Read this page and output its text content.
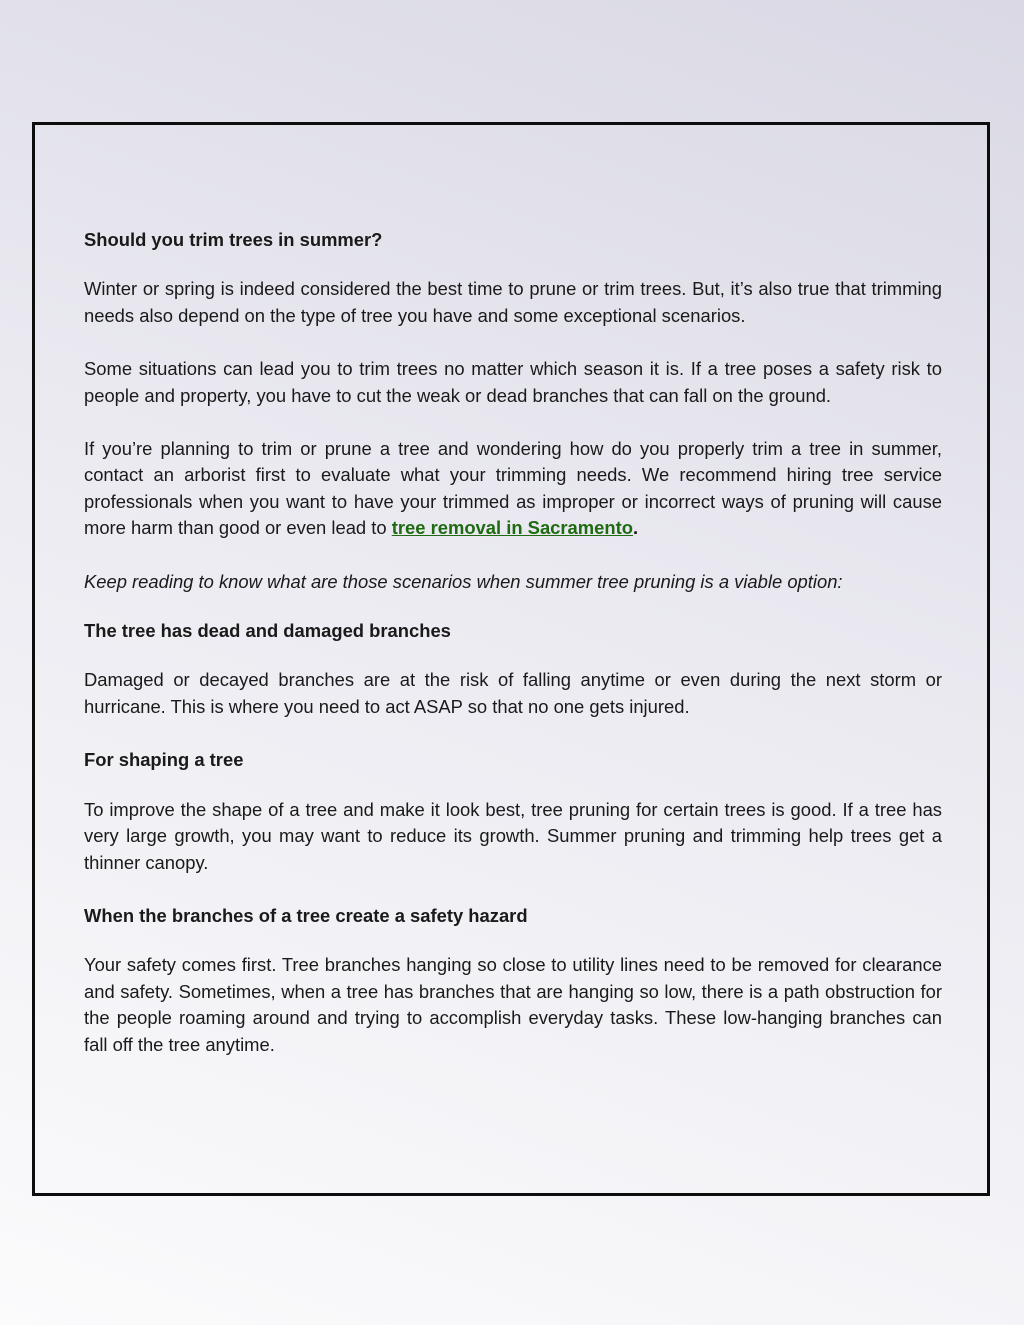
Should you trim trees in summer?

Winter or spring is indeed considered the best time to prune or trim trees. But, it’s also true that trimming needs also depend on the type of tree you have and some exceptional scenarios.

Some situations can lead you to trim trees no matter which season it is. If a tree poses a safety risk to people and property, you have to cut the weak or dead branches that can fall on the ground.

If you’re planning to trim or prune a tree and wondering how do you properly trim a tree in summer, contact an arborist first to evaluate what your trimming needs. We recommend hiring tree service professionals when you want to have your trimmed as improper or incorrect ways of pruning will cause more harm than good or even lead to tree removal in Sacramento.

Keep reading to know what are those scenarios when summer tree pruning is a viable option:

The tree has dead and damaged branches

Damaged or decayed branches are at the risk of falling anytime or even during the next storm or hurricane. This is where you need to act ASAP so that no one gets injured.

For shaping a tree

To improve the shape of a tree and make it look best, tree pruning for certain trees is good. If a tree has very large growth, you may want to reduce its growth. Summer pruning and trimming help trees get a thinner canopy.

When the branches of a tree create a safety hazard

Your safety comes first. Tree branches hanging so close to utility lines need to be removed for clearance and safety. Sometimes, when a tree has branches that are hanging so low, there is a path obstruction for the people roaming around and trying to accomplish everyday tasks. These low-hanging branches can fall off the tree anytime.
